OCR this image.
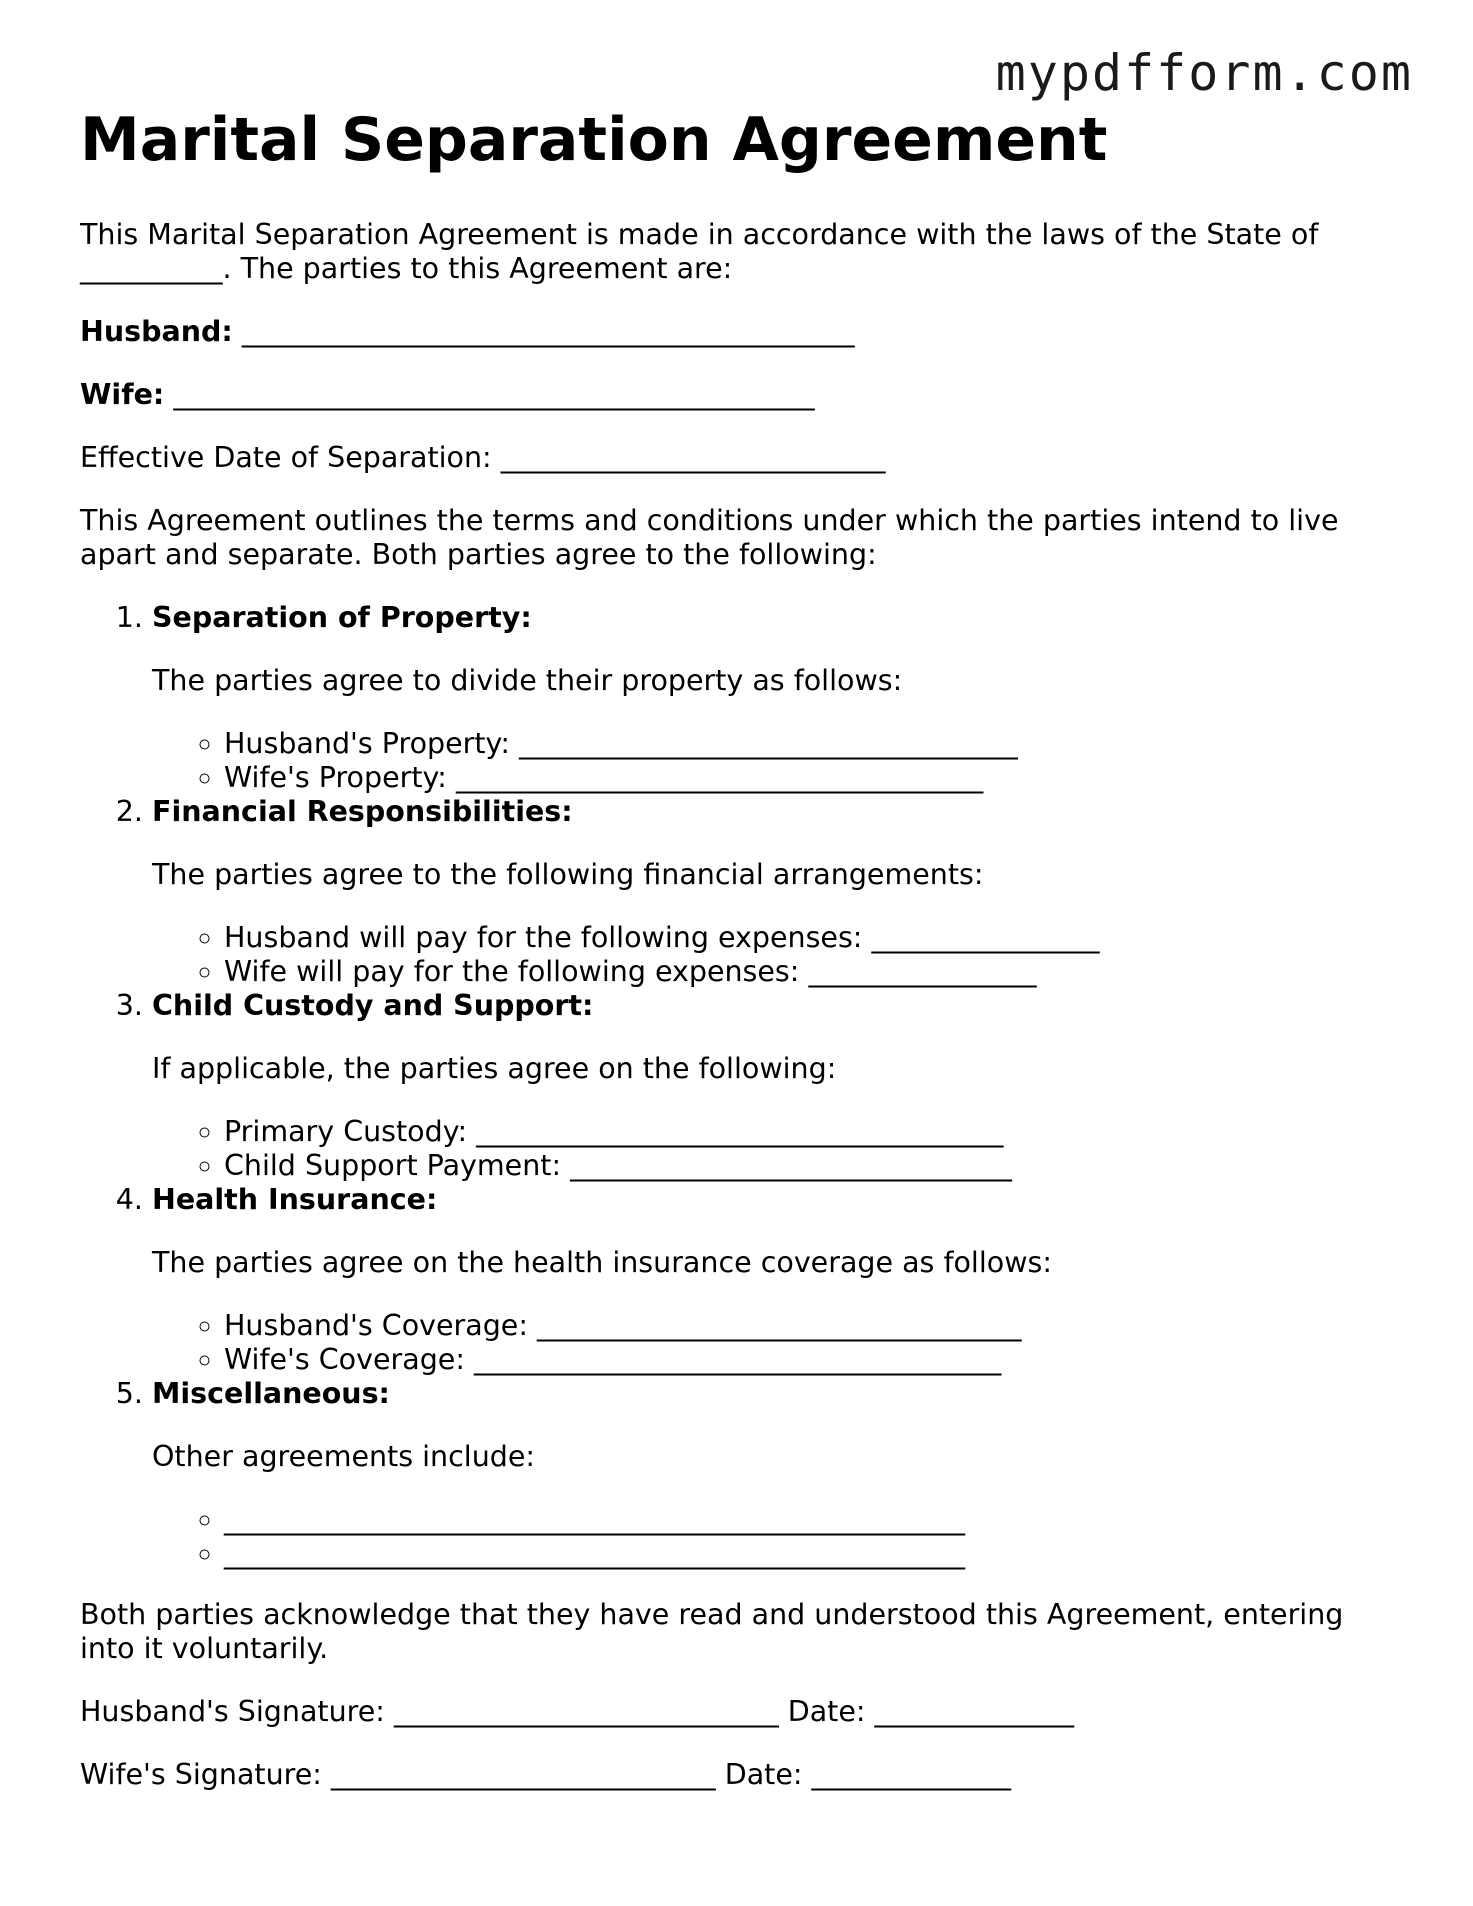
mypdfform.com
Marital Separation Agreement

This Marital Separation Agreement is made in accordance with the laws of the State of __________. The parties to this Agreement are:

Husband: ___________________________________________

Wife: _____________________________________________

Effective Date of Separation: ___________________________

This Agreement outlines the terms and conditions under which the parties intend to live apart and separate. Both parties agree to the following:

1. Separation of Property:
The parties agree to divide their property as follows:
◦ Husband's Property: ___________________________________
◦ Wife's Property: _____________________________________
2. Financial Responsibilities:
The parties agree to the following financial arrangements:
◦ Husband will pay for the following expenses: ________________
◦ Wife will pay for the following expenses: ________________
3. Child Custody and Support:
If applicable, the parties agree on the following:
◦ Primary Custody: _____________________________________
◦ Child Support Payment: _______________________________
4. Health Insurance:
The parties agree on the health insurance coverage as follows:
◦ Husband's Coverage: __________________________________
◦ Wife's Coverage: _____________________________________
5. Miscellaneous:
Other agreements include:
◦ ____________________________________________________
◦ ____________________________________________________

Both parties acknowledge that they have read and understood this Agreement, entering into it voluntarily.

Husband's Signature: ___________________________ Date: ______________

Wife's Signature: ___________________________ Date: ______________
